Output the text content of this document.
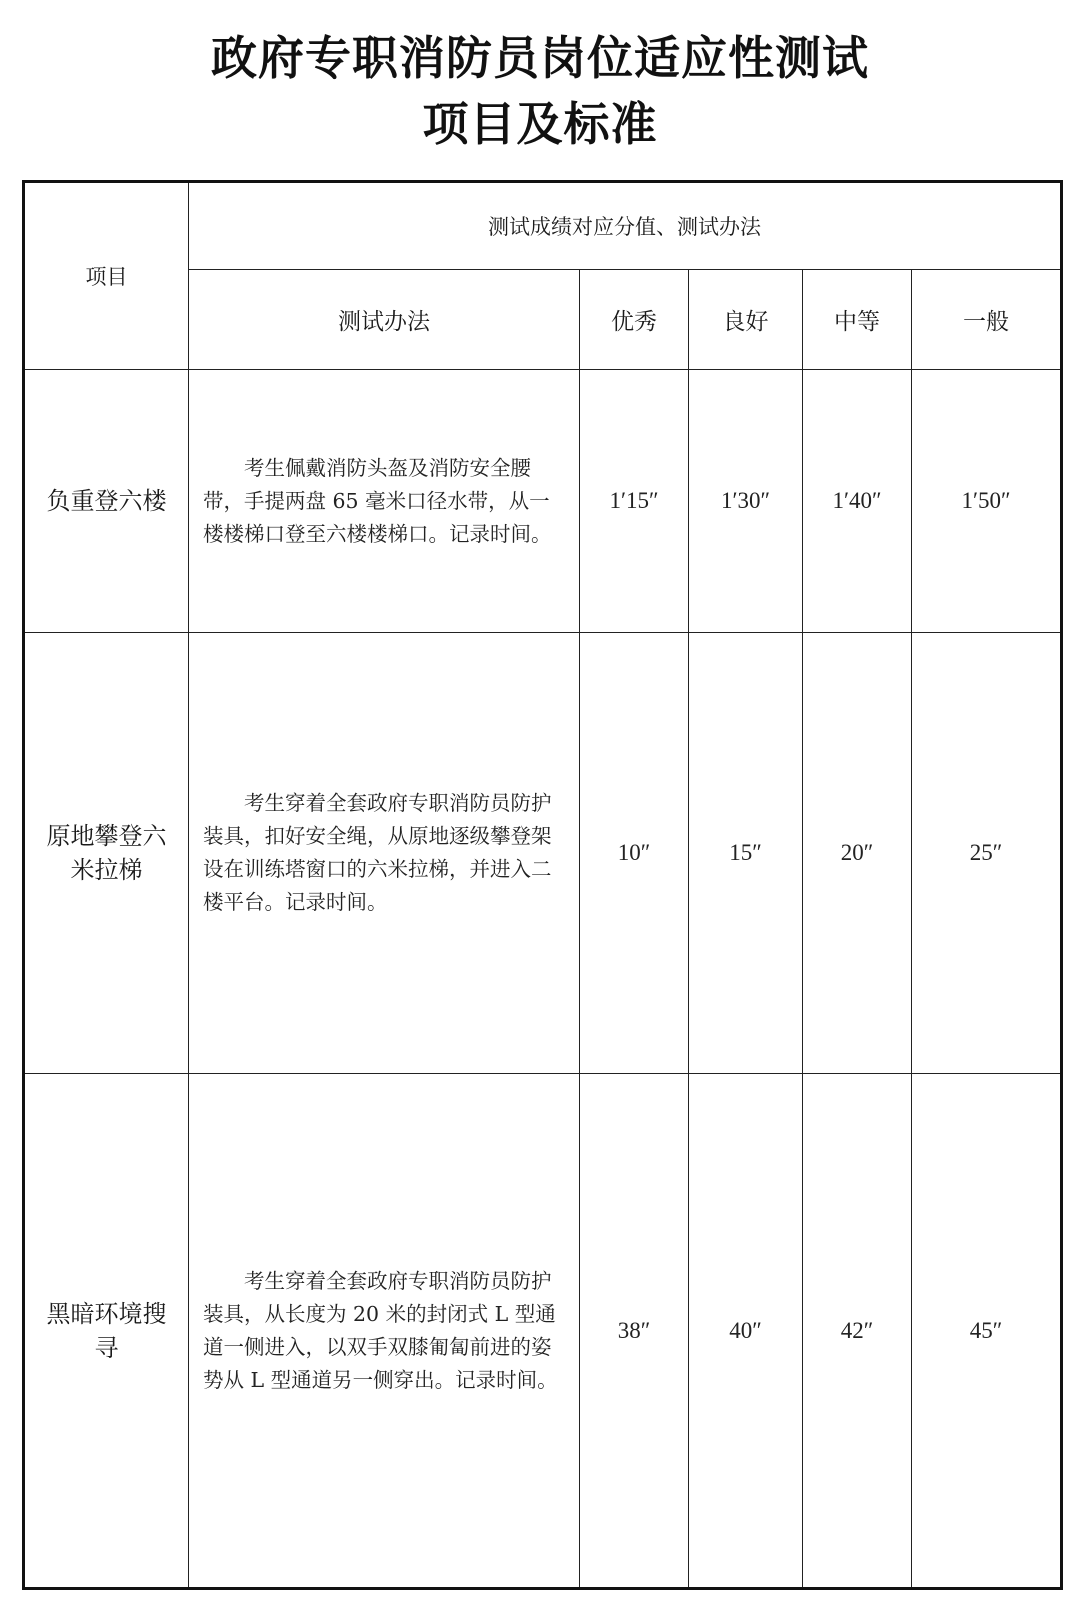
政府专职消防员岗位适应性测试
项目及标准
项目	测试成绩对应分值、测试办法				
	测试办法	优秀	良好	中等	一般
负重登六楼	考生佩戴消防头盔及消防安全腰带，手提两盘 65 毫米口径水带，从一楼楼梯口登至六楼楼梯口。记录时间。	1′15″	1′30″	1′40″	1′50″
原地攀登六米拉梯	考生穿着全套政府专职消防员防护装具，扣好安全绳，从原地逐级攀登架设在训练塔窗口的六米拉梯，并进入二楼平台。记录时间。	10″	15″	20″	25″
黑暗环境搜寻	考生穿着全套政府专职消防员防护装具，从长度为 20 米的封闭式 L 型通道一侧进入，以双手双膝匍匐前进的姿势从 L 型通道另一侧穿出。记录时间。	38″	40″	42″	45″
